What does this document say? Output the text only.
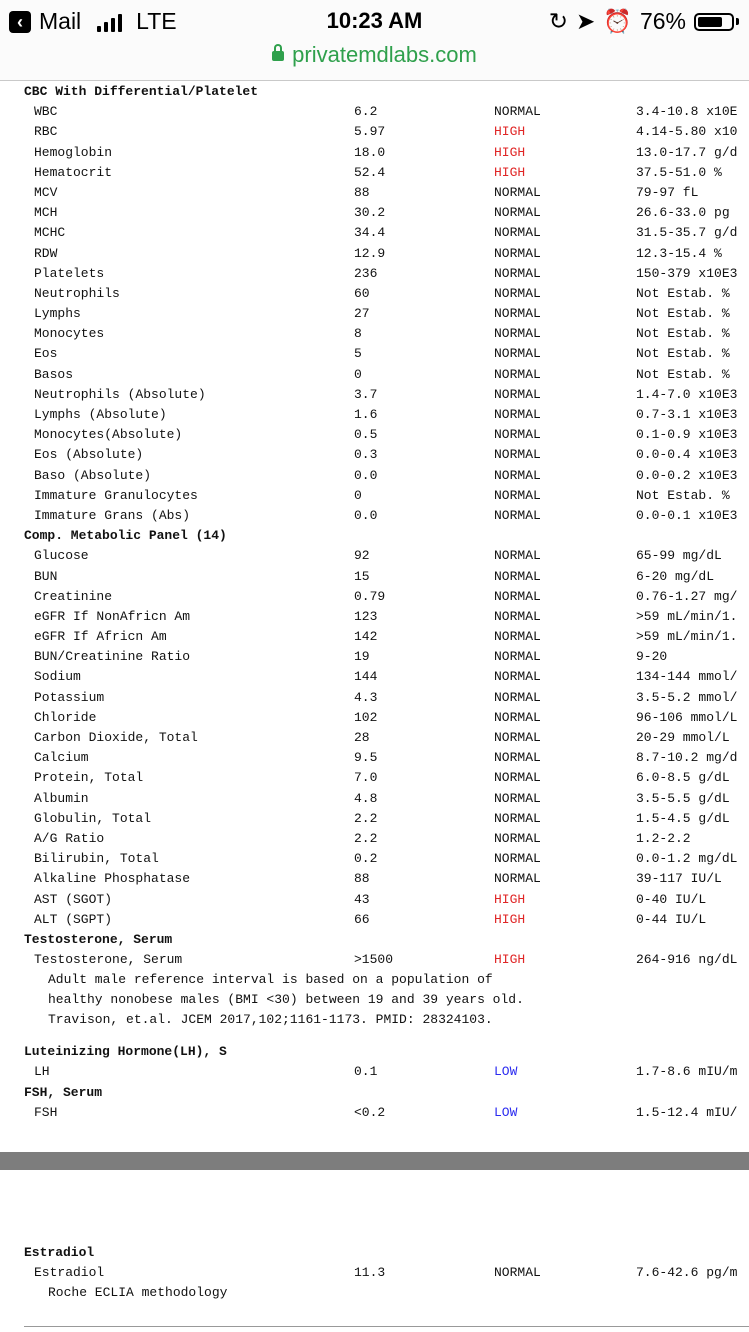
‹ Mail LTE	10:23 AM	↻ ➤ ⏰ 76%
privatemdlabs.com
CBC With Differential/Platelet
WBC	6.2	NORMAL	3.4-10.8 x10E
RBC	5.97	HIGH	4.14-5.80 x10
Hemoglobin	18.0	HIGH	13.0-17.7 g/d
Hematocrit	52.4	HIGH	37.5-51.0 %
MCV	88	NORMAL	79-97 fL
MCH	30.2	NORMAL	26.6-33.0 pg
MCHC	34.4	NORMAL	31.5-35.7 g/d
RDW	12.9	NORMAL	12.3-15.4 %
Platelets	236	NORMAL	150-379 x10E3
Neutrophils	60	NORMAL	Not Estab. %
Lymphs	27	NORMAL	Not Estab. %
Monocytes	8	NORMAL	Not Estab. %
Eos	5	NORMAL	Not Estab. %
Basos	0	NORMAL	Not Estab. %
Neutrophils (Absolute)	3.7	NORMAL	1.4-7.0 x10E3
Lymphs (Absolute)	1.6	NORMAL	0.7-3.1 x10E3
Monocytes(Absolute)	0.5	NORMAL	0.1-0.9 x10E3
Eos (Absolute)	0.3	NORMAL	0.0-0.4 x10E3
Baso (Absolute)	0.0	NORMAL	0.0-0.2 x10E3
Immature Granulocytes	0	NORMAL	Not Estab. %
Immature Grans (Abs)	0.0	NORMAL	0.0-0.1 x10E3
Comp. Metabolic Panel (14)
Glucose	92	NORMAL	65-99 mg/dL
BUN	15	NORMAL	6-20 mg/dL
Creatinine	0.79	NORMAL	0.76-1.27 mg/
eGFR If NonAfricn Am	123	NORMAL	>59 mL/min/1.
eGFR If Africn Am	142	NORMAL	>59 mL/min/1.
BUN/Creatinine Ratio	19	NORMAL	9-20
Sodium	144	NORMAL	134-144 mmol/
Potassium	4.3	NORMAL	3.5-5.2 mmol/
Chloride	102	NORMAL	96-106 mmol/L
Carbon Dioxide, Total	28	NORMAL	20-29 mmol/L
Calcium	9.5	NORMAL	8.7-10.2 mg/d
Protein, Total	7.0	NORMAL	6.0-8.5 g/dL
Albumin	4.8	NORMAL	3.5-5.5 g/dL
Globulin, Total	2.2	NORMAL	1.5-4.5 g/dL
A/G Ratio	2.2	NORMAL	1.2-2.2
Bilirubin, Total	0.2	NORMAL	0.0-1.2 mg/dL
Alkaline Phosphatase	88	NORMAL	39-117 IU/L
AST (SGOT)	43	HIGH	0-40 IU/L
ALT (SGPT)	66	HIGH	0-44 IU/L
Testosterone, Serum
Testosterone, Serum	>1500	HIGH	264-916 ng/dL
Adult male reference interval is based on a population of
healthy nonobese males (BMI <30) between 19 and 39 years old.
Travison, et.al. JCEM 2017,102;1161-1173. PMID: 28324103.
Luteinizing Hormone(LH), S
LH	0.1	LOW	1.7-8.6 mIU/m
FSH, Serum
FSH	<0.2	LOW	1.5-12.4 mIU/
Estradiol
Estradiol	11.3	NORMAL	7.6-42.6 pg/m
Roche ECLIA methodology
